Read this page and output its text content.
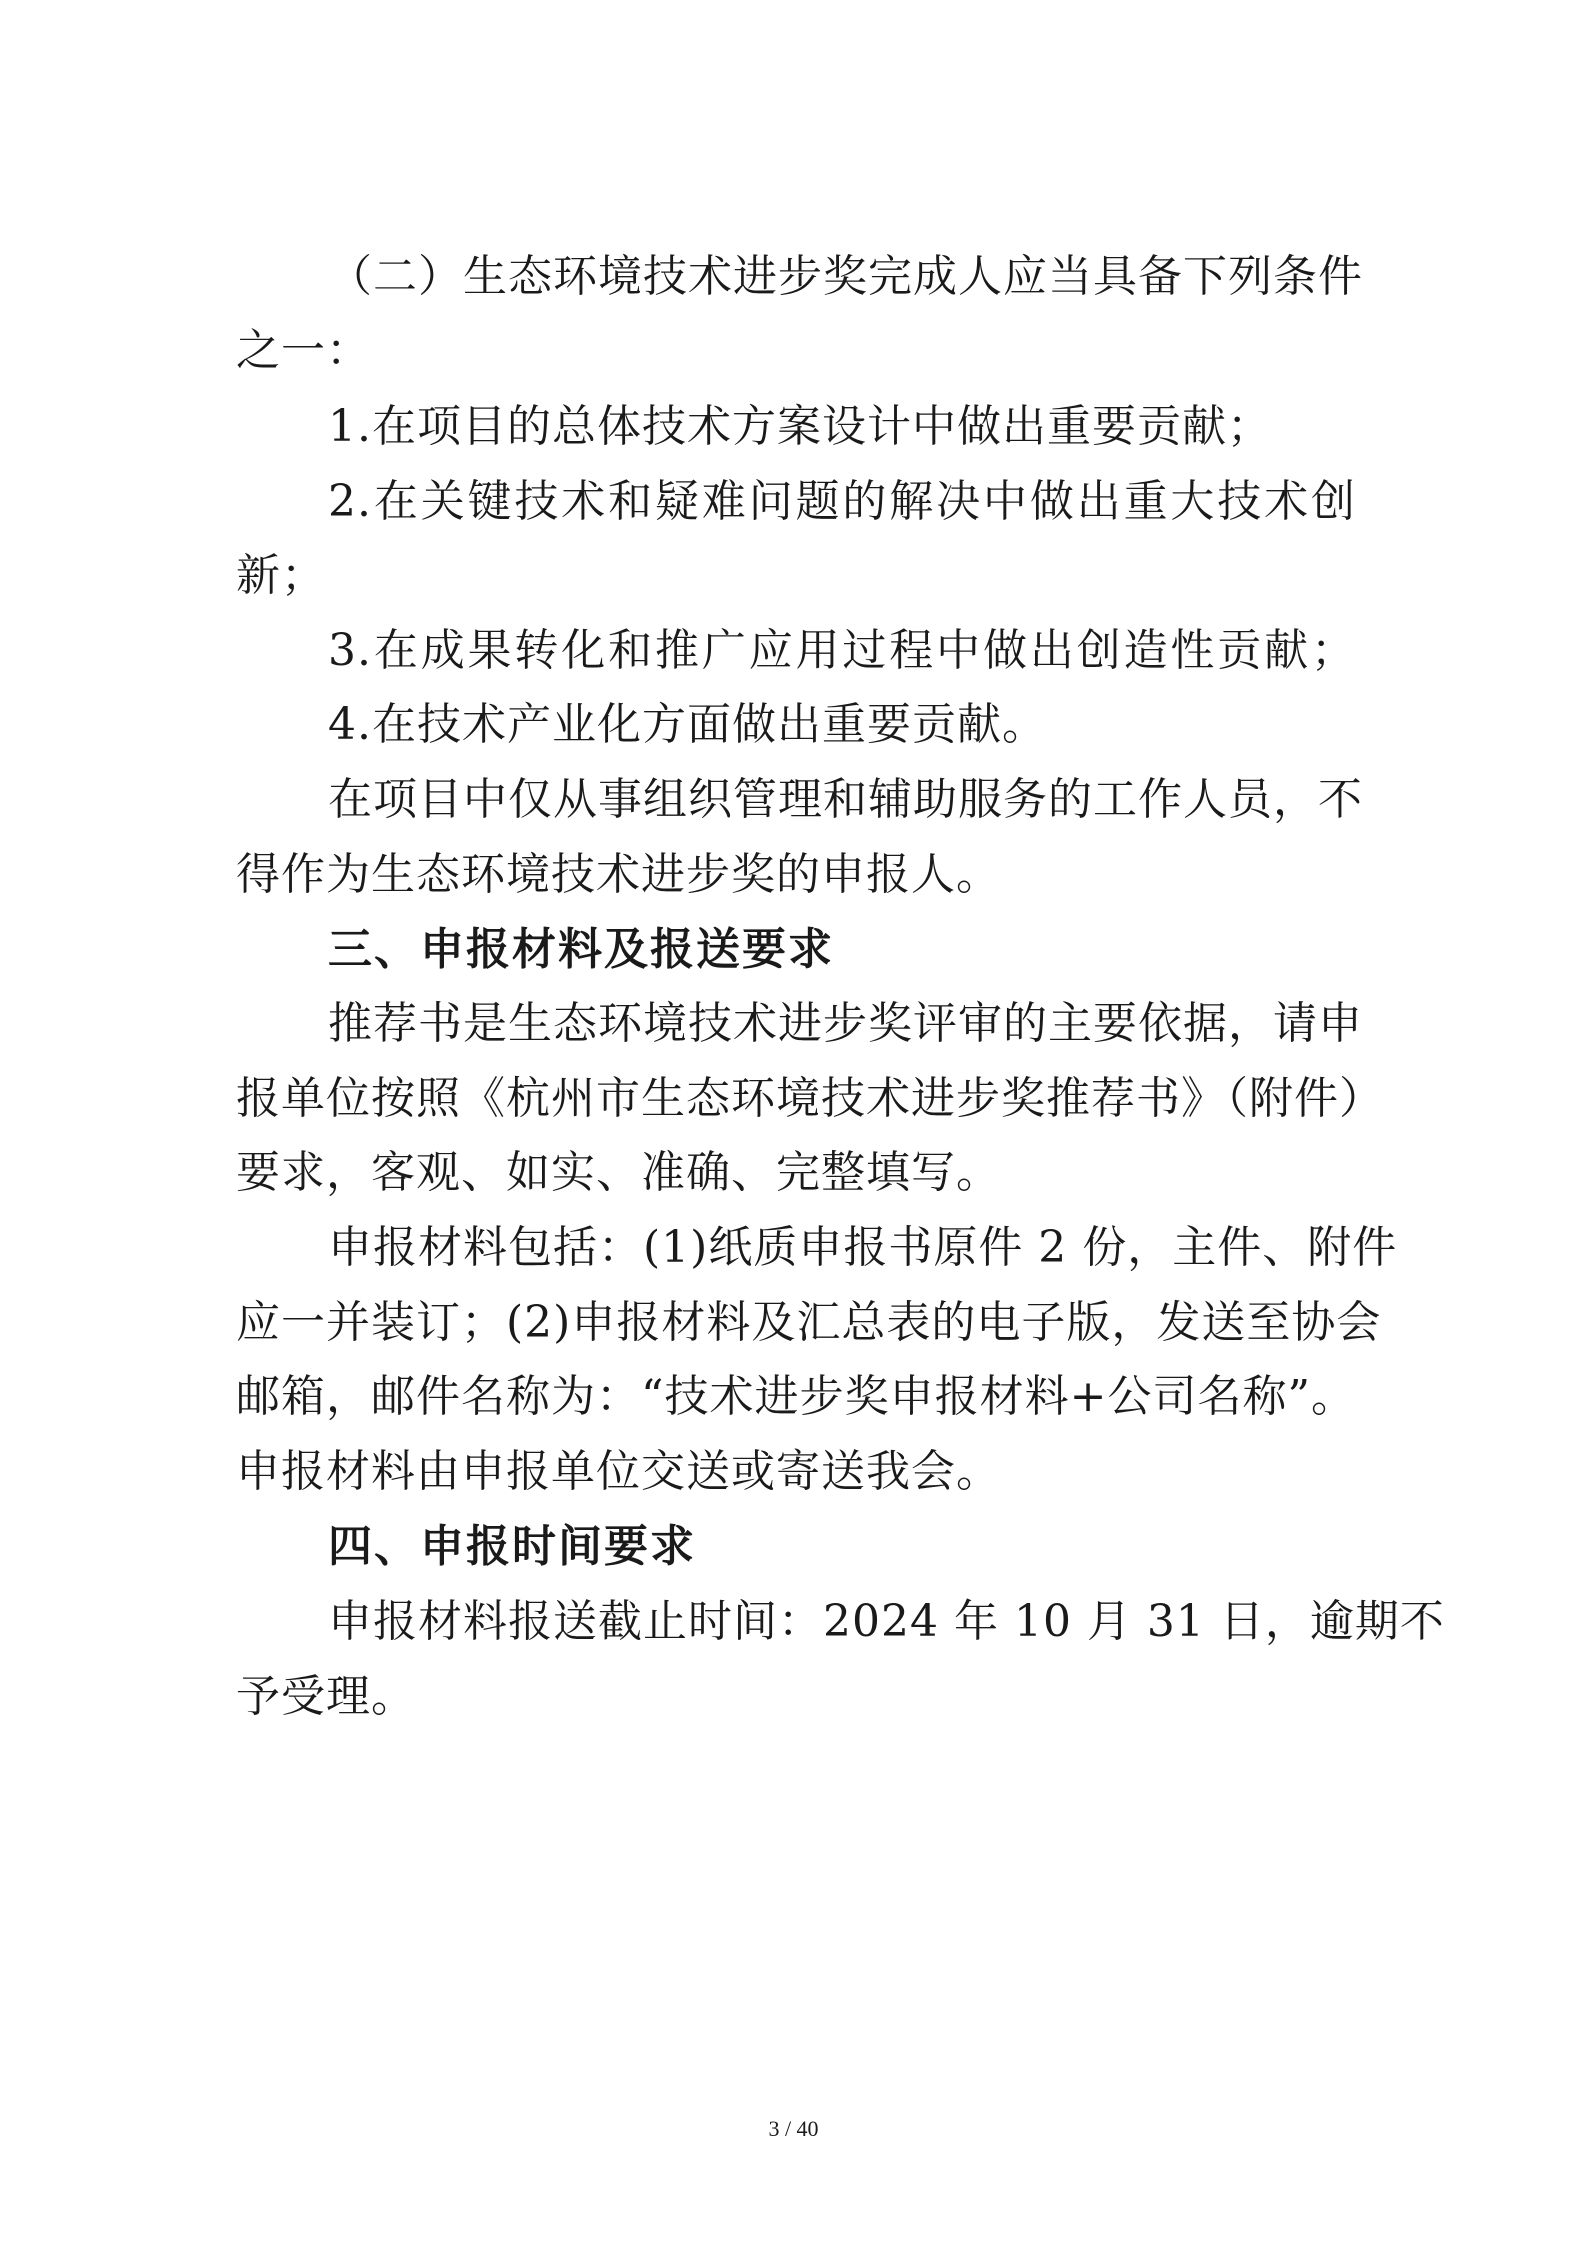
（二）生态环境技术进步奖完成人应当具备下列条件
之一：
1.在项目的总体技术方案设计中做出重要贡献；
2.在关键技术和疑难问题的解决中做出重大技术创
新；
3.在成果转化和推广应用过程中做出创造性贡献；
4.在技术产业化方面做出重要贡献。
在项目中仅从事组织管理和辅助服务的工作人员，不
得作为生态环境技术进步奖的申报人。
三、申报材料及报送要求
推荐书是生态环境技术进步奖评审的主要依据，请申
报单位按照《杭州市生态环境技术进步奖推荐书》（附件）
要求，客观、如实、准确、完整填写。
申报材料包括：(1)纸质申报书原件 2 份，主件、附件
应一并装订；(2)申报材料及汇总表的电子版，发送至协会
邮箱，邮件名称为：“技术进步奖申报材料+公司名称”。
申报材料由申报单位交送或寄送我会。
四、申报时间要求
申报材料报送截止时间：2024 年 10 月 31 日，逾期不
予受理。
3 / 40
